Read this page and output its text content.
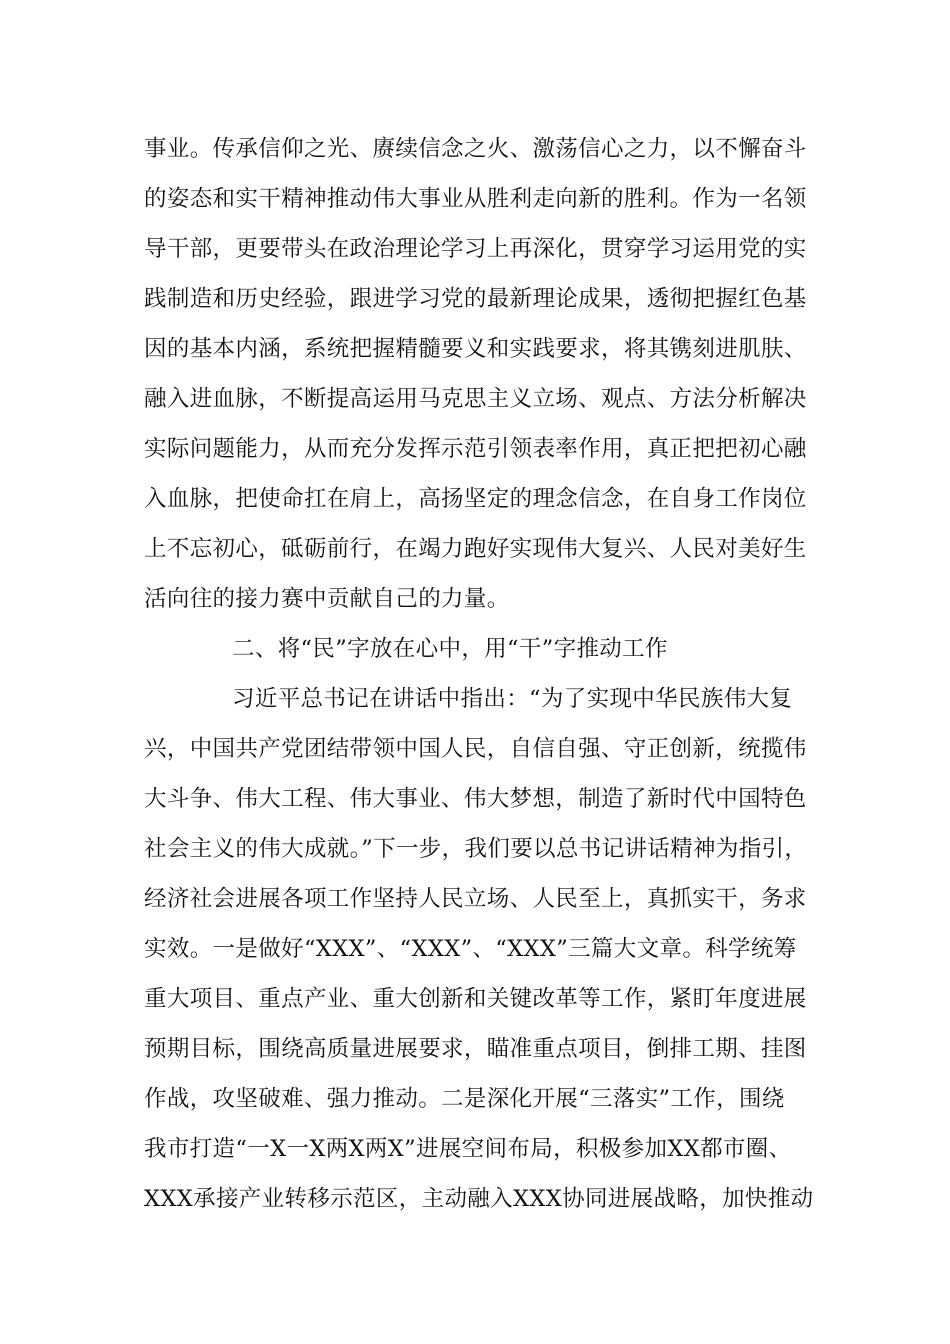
事业。传承信仰之光、赓续信念之火、激荡信心之力，以不懈奋斗
的姿态和实干精神推动伟大事业从胜利走向新的胜利。作为一名领
导干部，更要带头在政治理论学习上再深化，贯穿学习运用党的实
践制造和历史经验，跟进学习党的最新理论成果，透彻把握红色基
因的基本内涵，系统把握精髓要义和实践要求，将其镌刻进肌肤、
融入进血脉，不断提高运用马克思主义立场、观点、方法分析解决
实际问题能力，从而充分发挥示范引领表率作用，真正把把初心融
入血脉，把使命扛在肩上，高扬坚定的理念信念，在自身工作岗位
上不忘初心，砥砺前行，在竭力跑好实现伟大复兴、人民对美好生
活向往的接力赛中贡献自己的力量。
二、将“民”字放在心中，用“干”字推动工作
习近平总书记在讲话中指出：“为了实现中华民族伟大复
兴，中国共产党团结带领中国人民，自信自强、守正创新，统揽伟
大斗争、伟大工程、伟大事业、伟大梦想，制造了新时代中国特色
社会主义的伟大成就。”下一步，我们要以总书记讲话精神为指引，
经济社会进展各项工作坚持人民立场、人民至上，真抓实干，务求
实效。一是做好“XXX”、“XXX”、“XXX”三篇大文章。科学统筹
重大项目、重点产业、重大创新和关键改革等工作，紧盯年度进展
预期目标，围绕高质量进展要求，瞄准重点项目，倒排工期、挂图
作战，攻坚破难、强力推动。二是深化开展“三落实”工作，围绕
我市打造“一X一X两X两X”进展空间布局，积极参加XX都市圈、
XXX承接产业转移示范区，主动融入XXX协同进展战略，加快推动
